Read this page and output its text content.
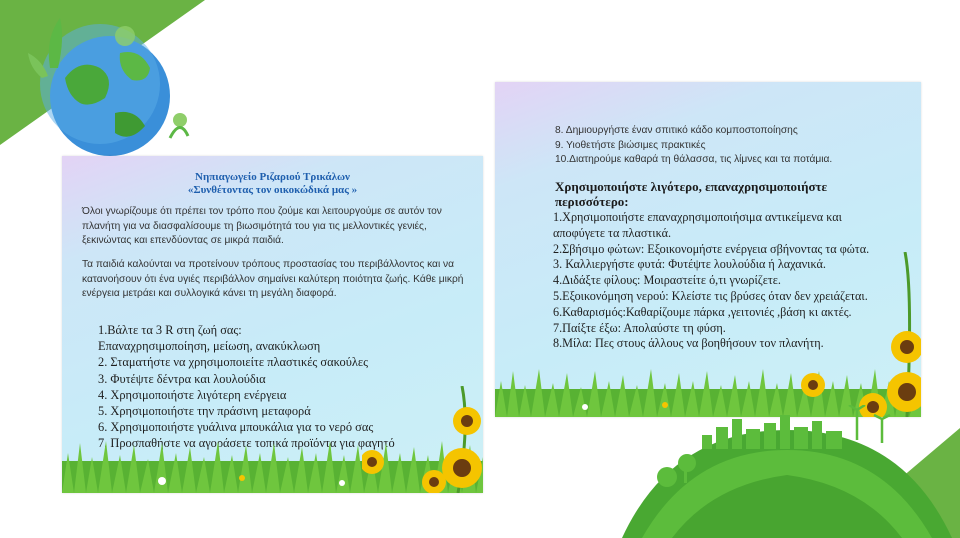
Νηπιαγωγείο Ριζαριού Τρικάλων

«Συνθέτοντας τον οικοκώδικά μας »

Όλοι γνωρίζουμε ότι πρέπει τον τρόπο που ζούμε και λειτουργούμε σε αυτόν τον πλανήτη για να διασφαλίσουμε τη βιωσιμότητά του για τις μελλοντικές γενιές, ξεκινώντας και επενδύοντας σε μικρά παιδιά.

Τα παιδιά καλούνται να προτείνουν τρόπους προστασίας του περιβάλλοντος και να κατανοήσουν ότι ένα υγιές περιβάλλον σημαίνει καλύτερη ποιότητα ζωής. Κάθε μικρή ενέργεια μετράει και συλλογικά κάνει τη μεγάλη διαφορά.

1.Βάλτε τα 3 R στη ζωή σας:
Επαναχρησιμοποίηση, μείωση, ανακύκλωση
2. Σταματήστε να χρησιμοποιείτε πλαστικές σακούλες
3. Φυτέψτε δέντρα και λουλούδια
4. Χρησιμοποιήστε λιγότερη ενέργεια
5. Χρησιμοποιήστε την πράσινη μεταφορά
6. Χρησιμοποιήστε γυάλινα μπουκάλια για το νερό σας
7. Προσπαθήστε να αγοράσετε τοπικά προϊόντα για φαγητό
8. Δημιουργήστε έναν σπιτικό κάδο κομποστοποίησης
9. Υιοθετήστε βιώσιμες πρακτικές
10.Διατηρούμε καθαρά τη θάλασσα, τις λίμνες και τα ποτάμια.

Χρησιμοποιήστε λιγότερο, επαναχρησιμοποιήστε περισσότερο:

1.Χρησιμοποιήστε επαναχρησιμοποιήσιμα αντικείμενα και
αποφύγετε τα πλαστικά.
2.Σβήσιμο φώτων: Εξοικονομήστε ενέργεια σβήνοντας τα φώτα.
3. Καλλιεργήστε φυτά: Φυτέψτε λουλούδια ή λαχανικά.
4.Διδάξτε φίλους: Μοιραστείτε ό,τι γνωρίζετε.
5.Εξοικονόμηση νερού: Κλείστε τις βρύσες όταν δεν χρειάζεται.
6.Καθαρισμός:Καθαρίζουμε πάρκα ,γειτονιές ,βάση κι ακτές.
7.Παίξτε έξω: Απολαύστε τη φύση.
8.Μίλα: Πες στους άλλους να βοηθήσουν τον πλανήτη.
